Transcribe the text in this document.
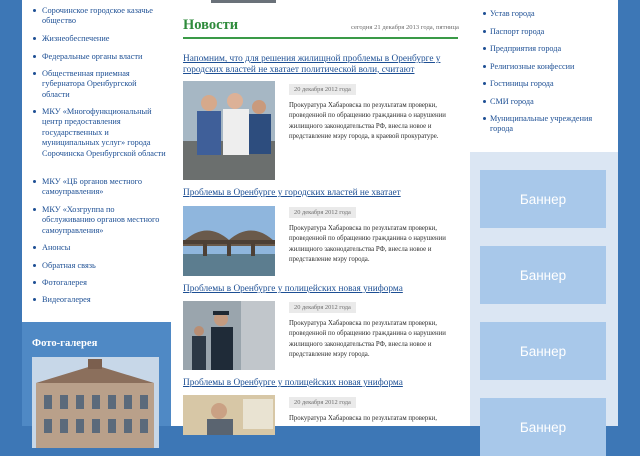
Сорочинское городское казачье общество
Жизнеобеспечение
Федеральные органы власти
Общественная приемная губернатора Оренбургской области
МКУ «Многофункциональный центр предоставления государственных и муниципальных услуг» города Сорочинска Оренбургской области
МКУ «ЦБ органов местного самоуправления»
МКУ «Хозгруппа по обслуживанию органов местного самоуправления»
Анонсы
Обратная связь
Фотогалерея
Видеогалерея
Фото-галерея
Новости	сегодня 21 декабря 2013 года, пятница
Напомним, что для решения жилищной проблемы в Оренбурге у городских властей не хватает политической воли, считают
20 декабря 2012 года
Прокуратура Хабаровска по результатам проверки, проведенной по обращению гражданина о нарушении жилищного законодательства РФ, внесла новое и представление мэру города, в краевой прокуратуре.
Проблемы в Оренбурге у городских властей не хватает
20 декабря 2012 года
Прокуратура Хабаровска по результатам проверки, проведенной по обращению гражданина о нарушении жилищного законодательства РФ, внесла новое и представление мэру города.
Проблемы в Оренбурге у полицейских новая униформа
20 декабря 2012 года
Прокуратура Хабаровска по результатам проверки, проведенной по обращению гражданина о нарушении жилищного законодательства РФ, внесла новое и представление мэру города.
Проблемы в Оренбурге у полицейских новая униформа
20 декабря 2012 года
Прокуратура Хабаровска по результатам проверки,
Устав города
Паспорт города
Предприятия города
Религиозные конфессии
Гостиницы города
СМИ города
Муниципальные учреждения города
Баннер
Баннер
Баннер
Баннер
